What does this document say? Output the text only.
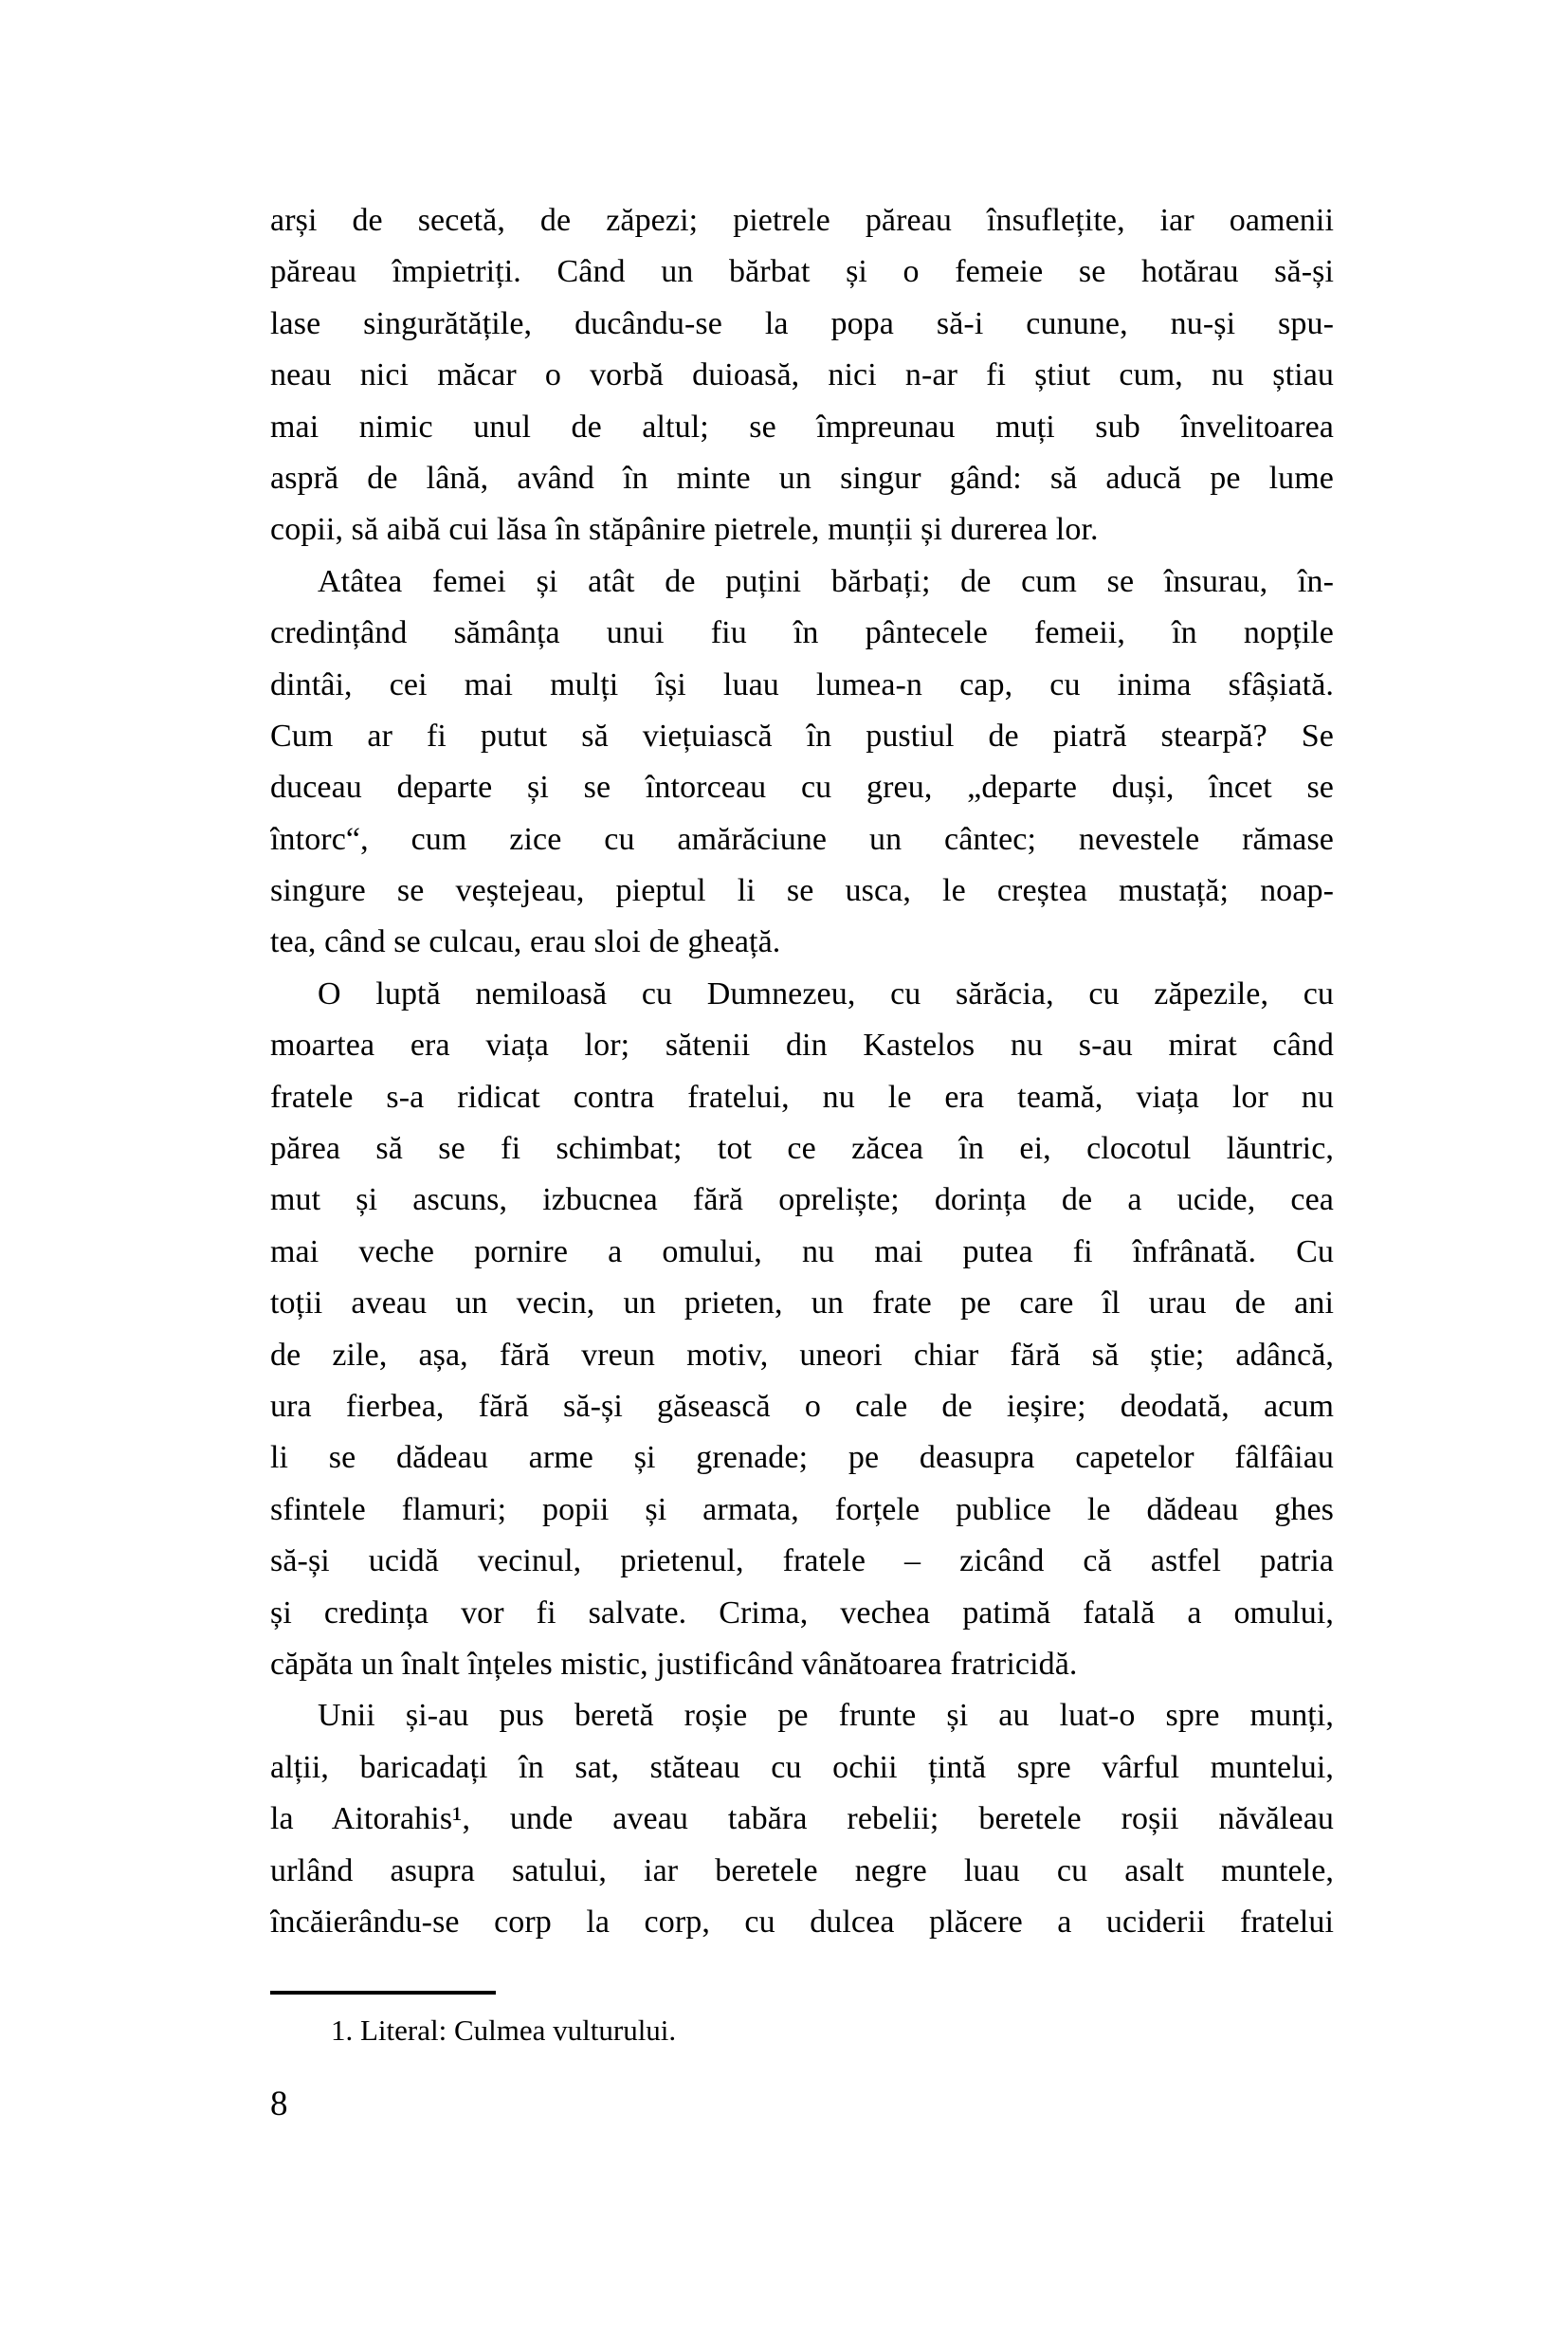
arși de secetă, de zăpezi; pietrele păreau însuflețite, iar oamenii
păreau împietriți. Când un bărbat și o femeie se hotărau să-și
lase singurătățile, ducându-se la popa să-i cunune, nu-și spu-
neau nici măcar o vorbă duioasă, nici n-ar fi știut cum, nu știau
mai nimic unul de altul; se împreunau muți sub învelitoarea
aspră de lână, având în minte un singur gând: să aducă pe lume
copii, să aibă cui lăsa în stăpânire pietrele, munții și durerea lor.

Atâtea femei și atât de puțini bărbați; de cum se însurau, în-
credințând sămânța unui fiu în pântecele femeii, în nopțile
dintâi, cei mai mulți își luau lumea-n cap, cu inima sfâșiată.
Cum ar fi putut să viețuiască în pustiul de piatră stearpă? Se
duceau departe și se întorceau cu greu, „departe duși, încet se
întorc“, cum zice cu amărăciune un cântec; nevestele rămase
singure se veștejeau, pieptul li se usca, le creștea mustață; noap-
tea, când se culcau, erau sloi de gheață.

O luptă nemiloasă cu Dumnezeu, cu sărăcia, cu zăpezile, cu
moartea era viața lor; sătenii din Kastelos nu s-au mirat când
fratele s-a ridicat contra fratelui, nu le era teamă, viața lor nu
părea să se fi schimbat; tot ce zăcea în ei, clocotul lăuntric,
mut și ascuns, izbucnea fără opreliște; dorința de a ucide, cea
mai veche pornire a omului, nu mai putea fi înfrânată. Cu
toții aveau un vecin, un prieten, un frate pe care îl urau de ani
de zile, așa, fără vreun motiv, uneori chiar fără să știe; adâncă,
ura fierbea, fără să-și găsească o cale de ieșire; deodată, acum
li se dădeau arme și grenade; pe deasupra capetelor fâlfâiau
sfintele flamuri; popii și armata, forțele publice le dădeau ghes
să-și ucidă vecinul, prietenul, fratele – zicând că astfel patria
și credința vor fi salvate. Crima, vechea patimă fatală a omului,
căpăta un înalt înțeles mistic, justificând vânătoarea fratricidă.

Unii și-au pus beretă roșie pe frunte și au luat-o spre munți,
alții, baricadați în sat, stăteau cu ochii țintă spre vârful muntelui,
la Aitorahis¹, unde aveau tabăra rebelii; beretele roșii năvăleau
urlând asupra satului, iar beretele negre luau cu asalt muntele,
încăierându-se corp la corp, cu dulcea plăcere a uciderii fratelui

1. Literal: Culmea vulturului.
8
